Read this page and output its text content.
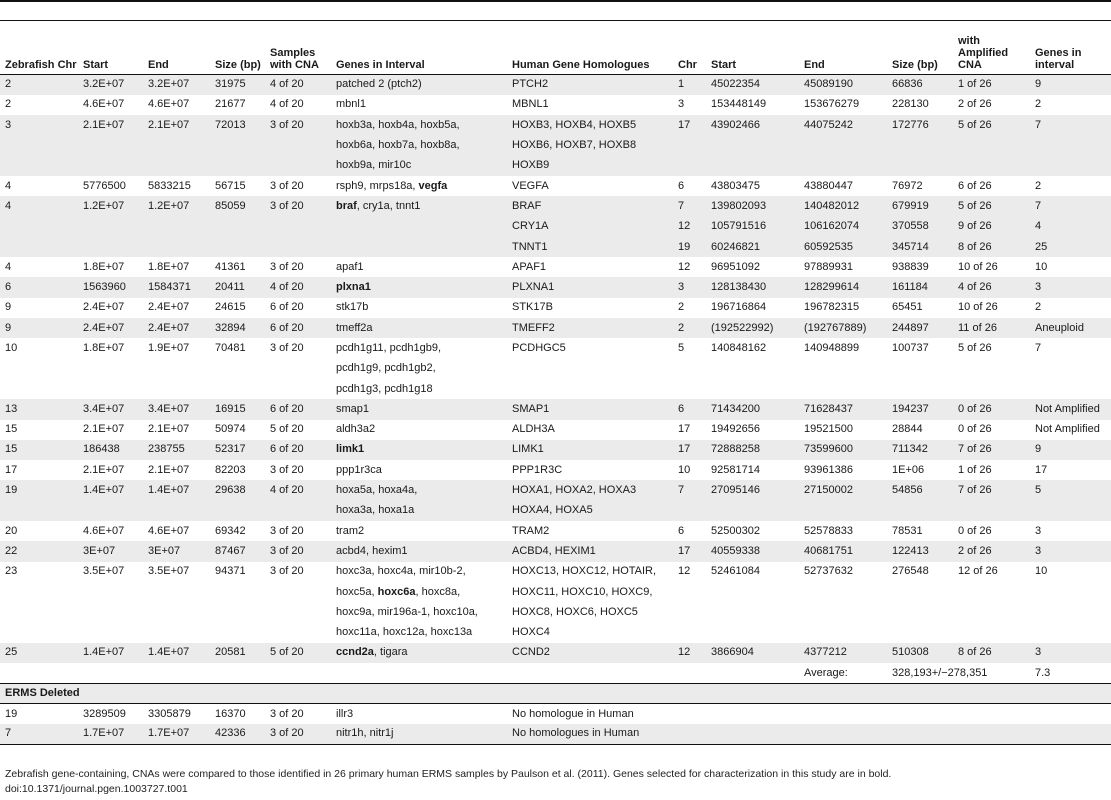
Zebrafish Chr	Start	End	Size (bp)	Samples with CNA	Genes in Interval	Human Gene Homologues	Chr	Start	End	Size (bp)	with Amplified CNA	Genes in interval
2	3.2E+07	3.2E+07	31975	4 of 20	patched 2 (ptch2)	PTCH2	1	45022354	45089190	66836	1 of 26	9
2	4.6E+07	4.6E+07	21677	4 of 20	mbnl1	MBNL1	3	153448149	153676279	228130	2 of 26	2
3	2.1E+07	2.1E+07	72013	3 of 20	hoxb3a, hoxb4a, hoxb5a,	HOXB3, HOXB4, HOXB5	17	43902466	44075242	172776	5 of 26	7
					hoxb6a, hoxb7a, hoxb8a,	HOXB6, HOXB7, HOXB8						
					hoxb9a, mir10c	HOXB9						
4	5776500	5833215	56715	3 of 20	rsph9, mrps18a, vegfa	VEGFA	6	43803475	43880447	76972	6 of 26	2
4	1.2E+07	1.2E+07	85059	3 of 20	braf, cry1a, tnnt1	BRAF	7	139802093	140482012	679919	5 of 26	7
						CRY1A	12	105791516	106162074	370558	9 of 26	4
						TNNT1	19	60246821	60592535	345714	8 of 26	25
4	1.8E+07	1.8E+07	41361	3 of 20	apaf1	APAF1	12	96951092	97889931	938839	10 of 26	10
6	1563960	1584371	20411	4 of 20	plxna1	PLXNA1	3	128138430	128299614	161184	4 of 26	3
9	2.4E+07	2.4E+07	24615	6 of 20	stk17b	STK17B	2	196716864	196782315	65451	10 of 26	2
9	2.4E+07	2.4E+07	32894	6 of 20	tmeff2a	TMEFF2	2	(192522992)	(192767889)	244897	11 of 26	Aneuploid
10	1.8E+07	1.9E+07	70481	3 of 20	pcdh1g11, pcdh1gb9,	PCDHGC5	5	140848162	140948899	100737	5 of 26	7
					pcdh1g9, pcdh1gb2,							
					pcdh1g3, pcdh1g18							
13	3.4E+07	3.4E+07	16915	6 of 20	smap1	SMAP1	6	71434200	71628437	194237	0 of 26	Not Amplified
15	2.1E+07	2.1E+07	50974	5 of 20	aldh3a2	ALDH3A	17	19492656	19521500	28844	0 of 26	Not Amplified
15	186438	238755	52317	6 of 20	limk1	LIMK1	17	72888258	73599600	711342	7 of 26	9
17	2.1E+07	2.1E+07	82203	3 of 20	ppp1r3ca	PPP1R3C	10	92581714	93961386	1E+06	1 of 26	17
19	1.4E+07	1.4E+07	29638	4 of 20	hoxa5a, hoxa4a,	HOXA1, HOXA2, HOXA3	7	27095146	27150002	54856	7 of 26	5
					hoxa3a, hoxa1a	HOXA4, HOXA5						
20	4.6E+07	4.6E+07	69342	3 of 20	tram2	TRAM2	6	52500302	52578833	78531	0 of 26	3
22	3E+07	3E+07	87467	3 of 20	acbd4, hexim1	ACBD4, HEXIM1	17	40559338	40681751	122413	2 of 26	3
23	3.5E+07	3.5E+07	94371	3 of 20	hoxc3a, hoxc4a, mir10b-2,	HOXC13, HOXC12, HOTAIR,	12	52461084	52737632	276548	12 of 26	10
					hoxc5a, hoxc6a, hoxc8a,	HOXC11, HOXC10, HOXC9,						
					hoxc9a, mir196a-1, hoxc10a,	HOXC8, HOXC6, HOXC5						
					hoxc11a, hoxc12a, hoxc13a	HOXC4						
25	1.4E+07	1.4E+07	20581	5 of 20	ccnd2a, tigara	CCND2	12	3866904	4377212	510308	8 of 26	3
									Average:	328,193+/−278,351		7.3
ERMS Deleted												
19	3289509	3305879	16370	3 of 20	illr3	No homologue in Human						
7	1.7E+07	1.7E+07	42336	3 of 20	nitr1h, nitr1j	No homologues in Human						
Zebrafish gene-containing, CNAs were compared to those identified in 26 primary human ERMS samples by Paulson et al. (2011). Genes selected for characterization in this study are in bold.
doi:10.1371/journal.pgen.1003727.t001
